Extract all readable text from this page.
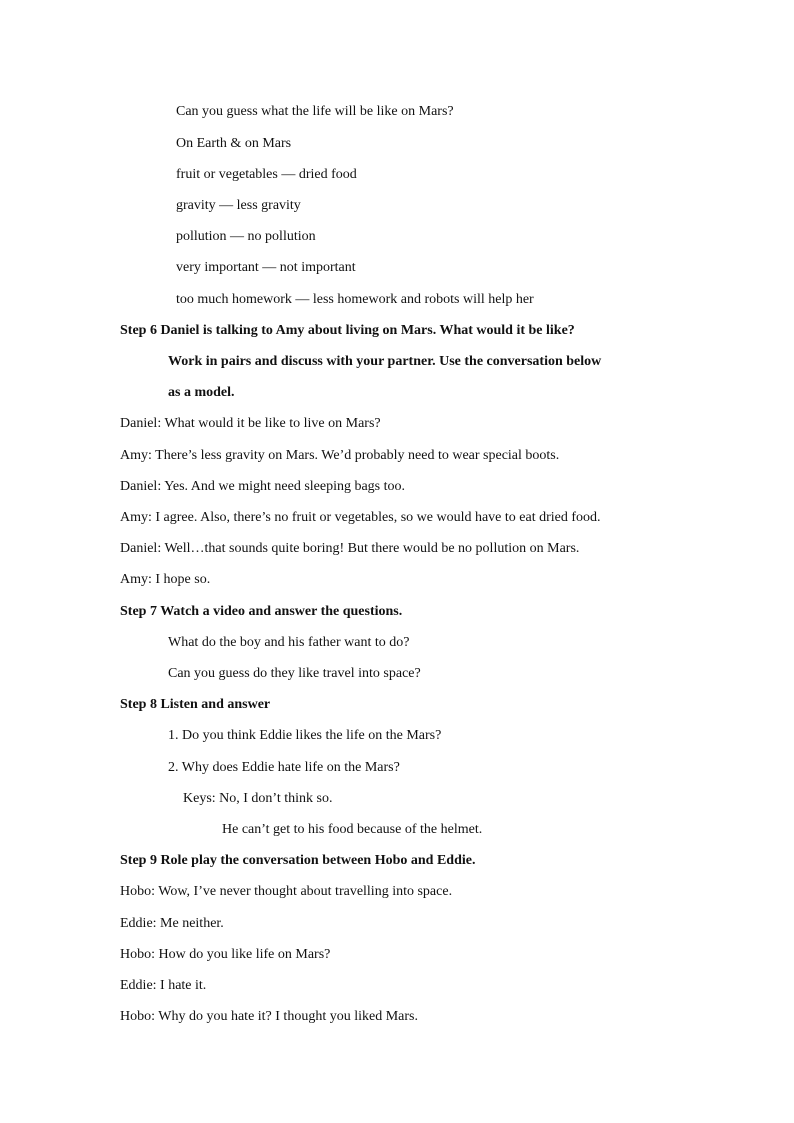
Can you guess what the life will be like on Mars?
On Earth & on Mars
fruit or vegetables — dried food
gravity — less gravity
pollution — no pollution
very important — not important
too much homework — less homework and robots will help her
Step 6 Daniel is talking to Amy about living on Mars. What would it be like?
Work in pairs and discuss with your partner. Use the conversation below
as a model.
Daniel: What would it be like to live on Mars?
Amy: There’s less gravity on Mars. We’d probably need to wear special boots.
Daniel: Yes. And we might need sleeping bags too.
Amy: I agree. Also, there’s no fruit or vegetables, so we would have to eat dried food.
Daniel: Well…that sounds quite boring! But there would be no pollution on Mars.
Amy: I hope so.
Step 7 Watch a video and answer the questions.
What do the boy and his father want to do?
Can you guess do they like travel into space?
Step 8 Listen and answer
1. Do you think Eddie likes the life on the Mars?
2. Why does Eddie hate life on the Mars?
Keys: No, I don’t think so.
He can’t get to his food because of the helmet.
Step 9 Role play the conversation between Hobo and Eddie.
Hobo: Wow, I’ve never thought about travelling into space.
Eddie: Me neither.
Hobo: How do you like life on Mars?
Eddie: I hate it.
Hobo: Why do you hate it? I thought you liked Mars.
